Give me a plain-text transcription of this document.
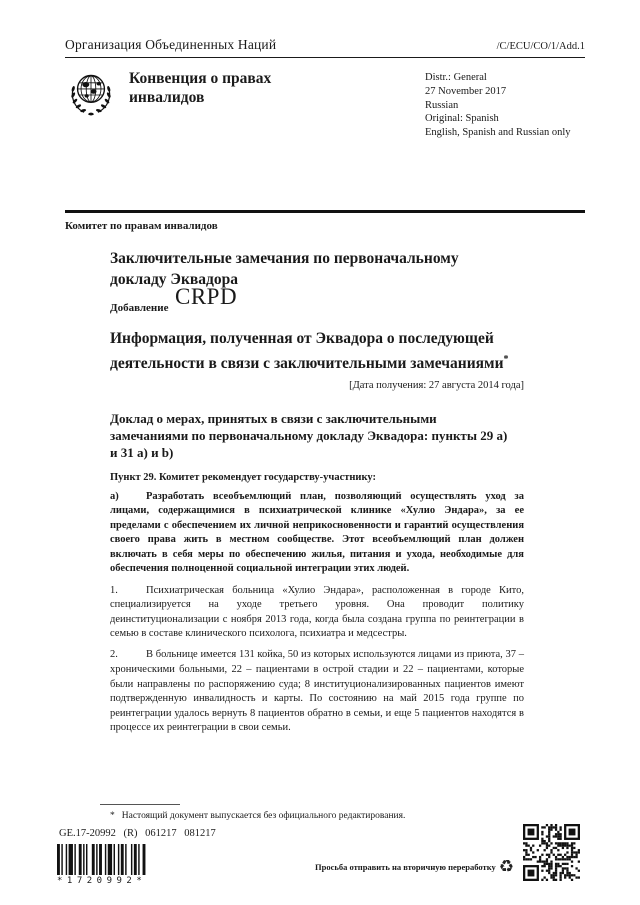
Организация Объединенных Наций
CRPD
/C/ECU/CO/1/Add.1
Конвенция о правах инвалидов
Distr.: General
27 November 2017
Russian
Original: Spanish
English, Spanish and Russian only
Комитет по правам инвалидов
Заключительные замечания по первоначальному докладу Эквадора
Добавление
Информация, полученная от Эквадора о последующей деятельности в связи с заключительными замечаниями*
[Дата получения: 27 августа 2014 года]
Доклад о мерах, принятых в связи с заключительными замечаниями по первоначальному докладу Эквадора: пункты 29 a) и 31 a) и b)
Пункт 29. Комитет рекомендует государству-участнику:

а)	Разработать всеобъемлющий план, позволяющий осуществлять уход за лицами, содержащимися в психиатрической клинике «Хулио Эндара», за ее пределами с обеспечением их личной неприкосновенности и гарантий осуществления своего права жить в местном сообществе. Этот всеобъемлющий план должен включать в себя меры по обеспечению жилья, питания и ухода, необходимые для обеспечения полноценной социальной интеграции этих людей.

1.	Психиатрическая больница «Хулио Эндара», расположенная в городе Кито, специализируется на уходе третьего уровня. Она проводит политику деинституционализации с ноября 2013 года, когда была создана группа по реинтеграции в семью в составе клинического психолога, психиатра и медсестры.

2.	В больнице имеется 131 койка, 50 из которых используются лицами из приюта, 37 – хроническими больными, 22 – пациентами в острой стадии и 22 – пациентами, которые были направлены по распоряжению суда; 8 институционализированных пациентов имеют подтвержденную инвалидность и карты. По состоянию на май 2015 года группе по реинтеграции удалось вернуть 8 пациентов обратно в семьи, и еще 5 пациентов находятся в процессе их реинтеграции в свои семьи.

* Настоящий документ выпускается без официального редактирования.
GE.17-20992 (R) 061217 081217
*1720992*
Просьба отправить на вторичную переработку ♻
